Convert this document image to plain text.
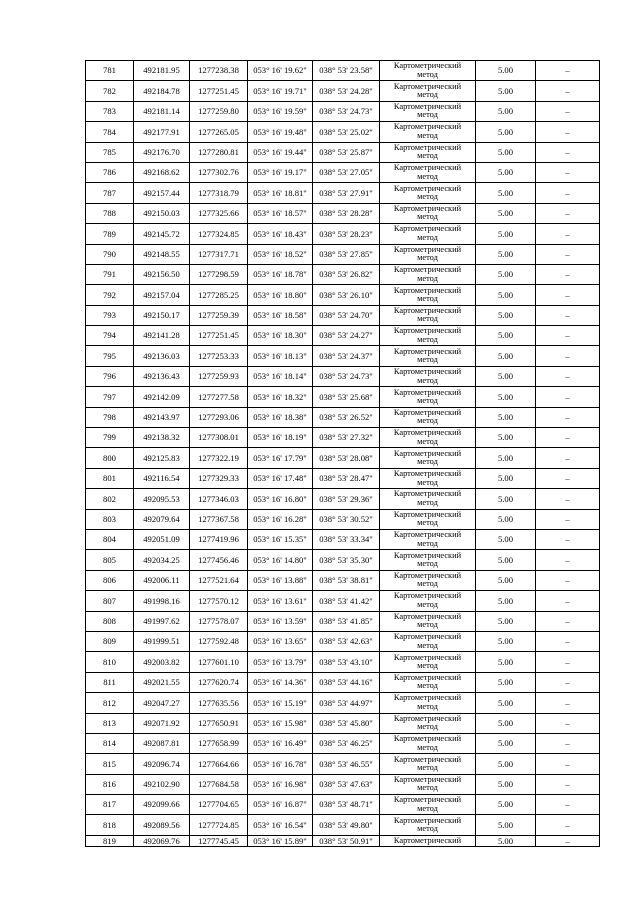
781	492181.95	1277238.38	053° 16' 19.62"	038° 53' 23.58"	Картометрический
метод	5.00	–
782	492184.78	1277251.45	053° 16' 19.71"	038° 53' 24.28"	Картометрический
метод	5.00	–
783	492181.14	1277259.80	053° 16' 19.59"	038° 53' 24.73"	Картометрический
метод	5.00	–
784	492177.91	1277265.05	053° 16' 19.48"	038° 53' 25.02"	Картометрический
метод	5.00	–
785	492176.70	1277280.81	053° 16' 19.44"	038° 53' 25.87"	Картометрический
метод	5.00	–
786	492168.62	1277302.76	053° 16' 19.17"	038° 53' 27.05"	Картометрический
метод	5.00	–
787	492157.44	1277318.79	053° 16' 18.81"	038° 53' 27.91"	Картометрический
метод	5.00	–
788	492150.03	1277325.66	053° 16' 18.57"	038° 53' 28.28"	Картометрический
метод	5.00	–
789	492145.72	1277324.85	053° 16' 18.43"	038° 53' 28.23"	Картометрический
метод	5.00	–
790	492148.55	1277317.71	053° 16' 18.52"	038° 53' 27.85"	Картометрический
метод	5.00	–
791	492156.50	1277298.59	053° 16' 18.78"	038° 53' 26.82"	Картометрический
метод	5.00	–
792	492157.04	1277285.25	053° 16' 18.80"	038° 53' 26.10"	Картометрический
метод	5.00	–
793	492150.17	1277259.39	053° 16' 18.58"	038° 53' 24.70"	Картометрический
метод	5.00	–
794	492141.28	1277251.45	053° 16' 18.30"	038° 53' 24.27"	Картометрический
метод	5.00	–
795	492136.03	1277253.33	053° 16' 18.13"	038° 53' 24.37"	Картометрический
метод	5.00	–
796	492136.43	1277259.93	053° 16' 18.14"	038° 53' 24.73"	Картометрический
метод	5.00	–
797	492142.09	1277277.58	053° 16' 18.32"	038° 53' 25.68"	Картометрический
метод	5.00	–
798	492143.97	1277293.06	053° 16' 18.38"	038° 53' 26.52"	Картометрический
метод	5.00	–
799	492138.32	1277308.01	053° 16' 18.19"	038° 53' 27.32"	Картометрический
метод	5.00	–
800	492125.83	1277322.19	053° 16' 17.79"	038° 53' 28.08"	Картометрический
метод	5.00	–
801	492116.54	1277329.33	053° 16' 17.48"	038° 53' 28.47"	Картометрический
метод	5.00	–
802	492095.53	1277346.03	053° 16' 16.80"	038° 53' 29.36"	Картометрический
метод	5.00	–
803	492079.64	1277367.58	053° 16' 16.28"	038° 53' 30.52"	Картометрический
метод	5.00	–
804	492051.09	1277419.96	053° 16' 15.35"	038° 53' 33.34"	Картометрический
метод	5.00	–
805	492034.25	1277456.46	053° 16' 14.80"	038° 53' 35.30"	Картометрический
метод	5.00	–
806	492006.11	1277521.64	053° 16' 13.88"	038° 53' 38.81"	Картометрический
метод	5.00	–
807	491998.16	1277570.12	053° 16' 13.61"	038° 53' 41.42"	Картометрический
метод	5.00	–
808	491997.62	1277578.07	053° 16' 13.59"	038° 53' 41.85"	Картометрический
метод	5.00	–
809	491999.51	1277592.48	053° 16' 13.65"	038° 53' 42.63"	Картометрический
метод	5.00	–
810	492003.82	1277601.10	053° 16' 13.79"	038° 53' 43.10"	Картометрический
метод	5.00	–
811	492021.55	1277620.74	053° 16' 14.36"	038° 53' 44.16"	Картометрический
метод	5.00	–
812	492047.27	1277635.56	053° 16' 15.19"	038° 53' 44.97"	Картометрический
метод	5.00	–
813	492071.92	1277650.91	053° 16' 15.98"	038° 53' 45.80"	Картометрический
метод	5.00	–
814	492087.81	1277658.99	053° 16' 16.49"	038° 53' 46.25"	Картометрический
метод	5.00	–
815	492096.74	1277664.66	053° 16' 16.78"	038° 53' 46.55"	Картометрический
метод	5.00	–
816	492102.90	1277684.58	053° 16' 16.98"	038° 53' 47.63"	Картометрический
метод	5.00	–
817	492099.66	1277704.65	053° 16' 16.87"	038° 53' 48.71"	Картометрический
метод	5.00	–
818	492089.56	1277724.85	053° 16' 16.54"	038° 53' 49.80"	Картометрический
метод	5.00	–
819	492069.76	1277745.45	053° 16' 15.89"	038° 53' 50.91"	Картометрический	5.00	–
